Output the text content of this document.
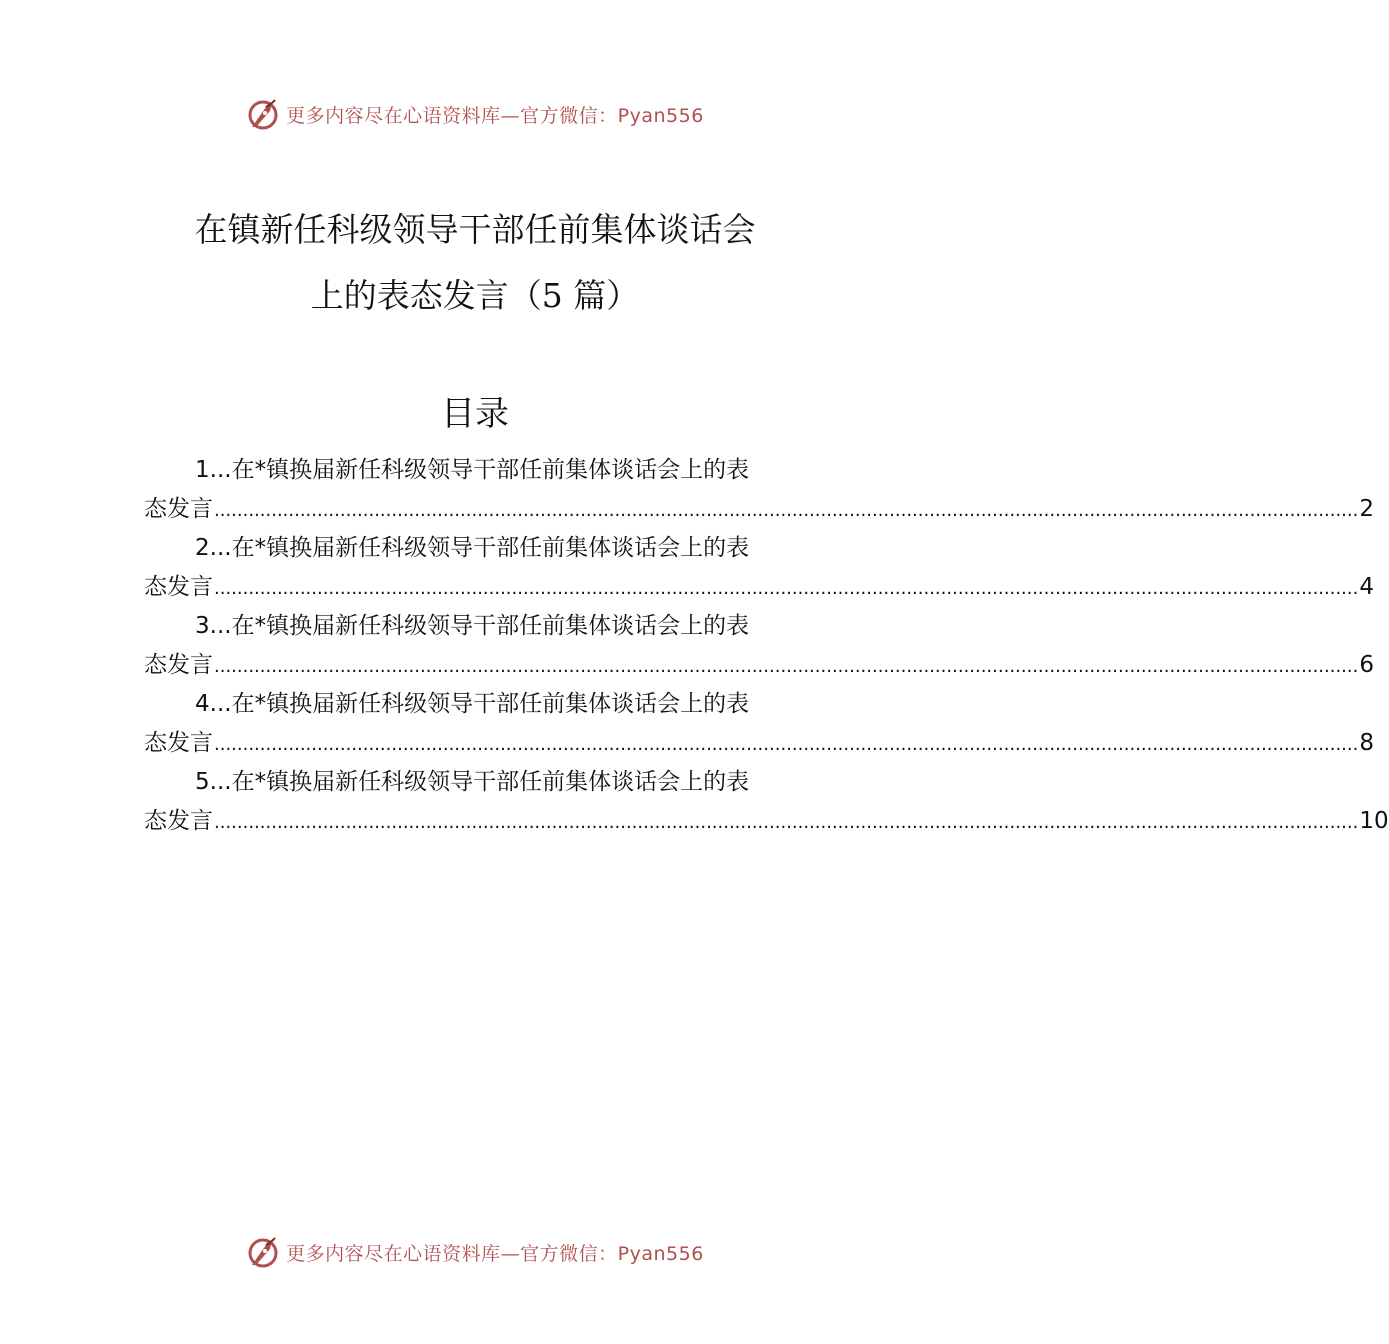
更多内容尽在心语资料库—官方微信：Pyan556
在镇新任科级领导干部任前集体谈话会
上的表态发言（5 篇）
目录
1...在*镇换届新任科级领导干部任前集体谈话会上的表
态发言 ........................................................................................................................................................................................................ 2
2...在*镇换届新任科级领导干部任前集体谈话会上的表
态发言 ........................................................................................................................................................................................................ 4
3...在*镇换届新任科级领导干部任前集体谈话会上的表
态发言 ........................................................................................................................................................................................................ 6
4...在*镇换届新任科级领导干部任前集体谈话会上的表
态发言 ........................................................................................................................................................................................................ 8
5...在*镇换届新任科级领导干部任前集体谈话会上的表
态发言 ........................................................................................................................................................................................................ 10
更多内容尽在心语资料库—官方微信：Pyan556
